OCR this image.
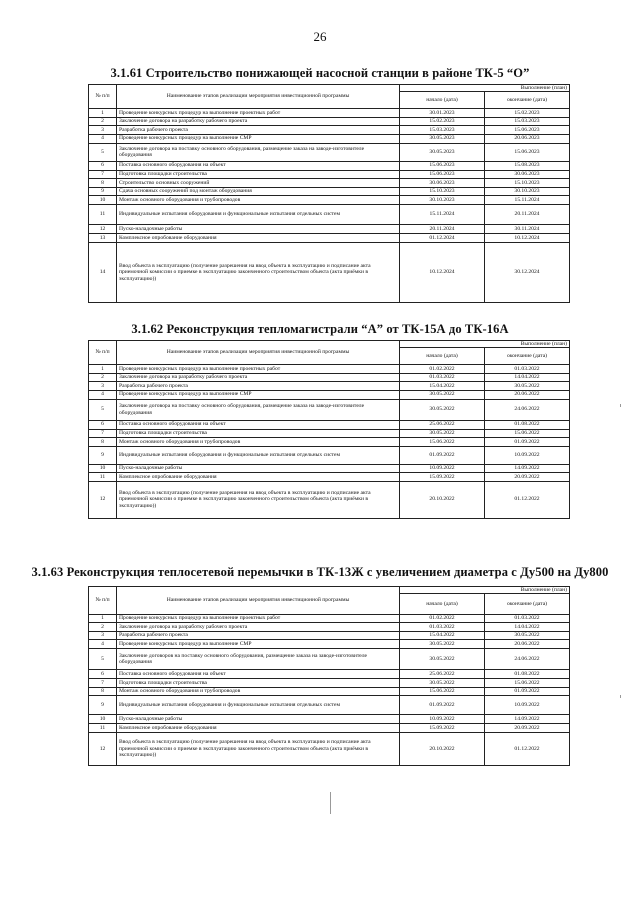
26
3.1.61 Строительство понижающей насосной станции в районе ТК-5 “О”
№ п/п	Наименование этапов реализации мероприятия инвестиционной программы	Выполнение (план)	
		начало (дата)	окончание (дата)
1	Проведение конкурсных процедур на выполнение проектных работ	30.01.2023	15.02.2023
2	Заключение договора на разработку рабочего проекта	15.02.2023	15.03.2023
3	Разработка рабочего проекта	15.03.2023	15.06.2023
4	Проведение конкурсных процедур на выполнение СМР	30.05.2023	20.06.2023
5	Заключение договора на поставку основного оборудования, размещение заказа на заводе-изготовителе оборудования	30.05.2023	15.06.2023
6	Поставка основного оборудования на объект	15.06.2023	15.08.2023
7	Подготовка площадки строительства	15.06.2023	30.06.2023
8	Строительство основных сооружений	30.06.2023	15.10.2023
9	Сдача основных сооружений под монтаж оборудования	15.10.2023	30.10.2023
10	Монтаж основного оборудования и трубопроводов	30.10.2023	15.11.2024
11	Индивидуальные испытания оборудования и функциональные испытания отдельных систем	15.11.2024	20.11.2024
12	Пуско-наладочные работы	20.11.2024	30.11.2024
13	Комплексное опробование оборудования	01.12.2024	10.12.2024
14	Ввод объекта в эксплуатацию (получение разрешения на ввод объекта в эксплуатацию и подписание акта приемочной комиссии о приемке в эксплуатацию законченного строительством объекта (акта приёмки в эксплуатацию))	10.12.2024	30.12.2024
3.1.62 Реконструкция тепломагистрали “А” от ТК-15А до ТК-16А
№ п/п	Наименование этапов реализации мероприятия инвестиционной программы	Выполнение (план)	
		начало (дата)	окончание (дата)
1	Проведение конкурсных процедур на выполнение проектных работ	01.02.2022	01.03.2022
2	Заключение договора на разработку рабочего проекта	01.03.2022	14.04.2022
3	Разработка рабочего проекта	15.04.2022	30.05.2022
4	Проведение конкурсных процедур на выполнение СМР	30.05.2022	20.06.2022
5	Заключение договора на поставку основного оборудования, размещение заказа на заводе-изготовителе оборудования	30.05.2022	24.06.2022
6	Поставка основного оборудования на объект	25.06.2022	01.08.2022
7	Подготовка площадки строительства	30.05.2022	15.06.2022
8	Монтаж основного оборудования и трубопроводов	15.06.2022	01.09.2022
9	Индивидуальные испытания оборудования и функциональные испытания отдельных систем	01.09.2022	10.09.2022
10	Пуско-наладочные работы	10.09.2022	14.09.2022
11	Комплексное опробование оборудования	15.09.2022	20.09.2022
12	Ввод объекта в эксплуатацию (получение разрешения на ввод объекта в эксплуатацию и подписание акта приемочной комиссии о приемке в эксплуатацию законченного строительством объекта (акта приёмки в эксплуатацию))	20.10.2022	01.12.2022
3.1.63 Реконструкция теплосетевой перемычки в ТК-13Ж с увеличением диаметра с Ду500 на Ду800
№ п/п	Наименование этапов реализации мероприятия инвестиционной программы	Выполнение (план)	
		начало (дата)	окончание (дата)
1	Проведение конкурсных процедур на выполнение проектных работ	01.02.2022	01.03.2022
2	Заключение договора на разработку рабочего проекта	01.03.2022	14.04.2022
3	Разработка рабочего проекта	15.04.2022	30.05.2022
4	Проведение конкурсных процедур на выполнение СМР	30.05.2022	20.06.2022
5	Заключение договоров на поставку основного оборудования, размещение заказа на заводе-изготовителе оборудования	30.05.2022	24.06.2022
6	Поставка основного оборудования на объект	25.06.2022	01.08.2022
7	Подготовка площадки строительства	30.05.2022	15.06.2022
8	Монтаж основного оборудования и трубопроводов	15.06.2022	01.09.2022
9	Индивидуальные испытания оборудования и функциональные испытания отдельных систем	01.09.2022	10.09.2022
10	Пуско-наладочные работы	10.09.2022	14.09.2022
11	Комплексное опробование оборудования	15.09.2022	20.09.2022
12	Ввод объекта в эксплуатацию (получение разрешения на ввод объекта в эксплуатацию и подписание акта приемочной комиссии о приемке в эксплуатацию законченного строительством объекта (акта приёмки в эксплуатацию))	20.10.2022	01.12.2022
